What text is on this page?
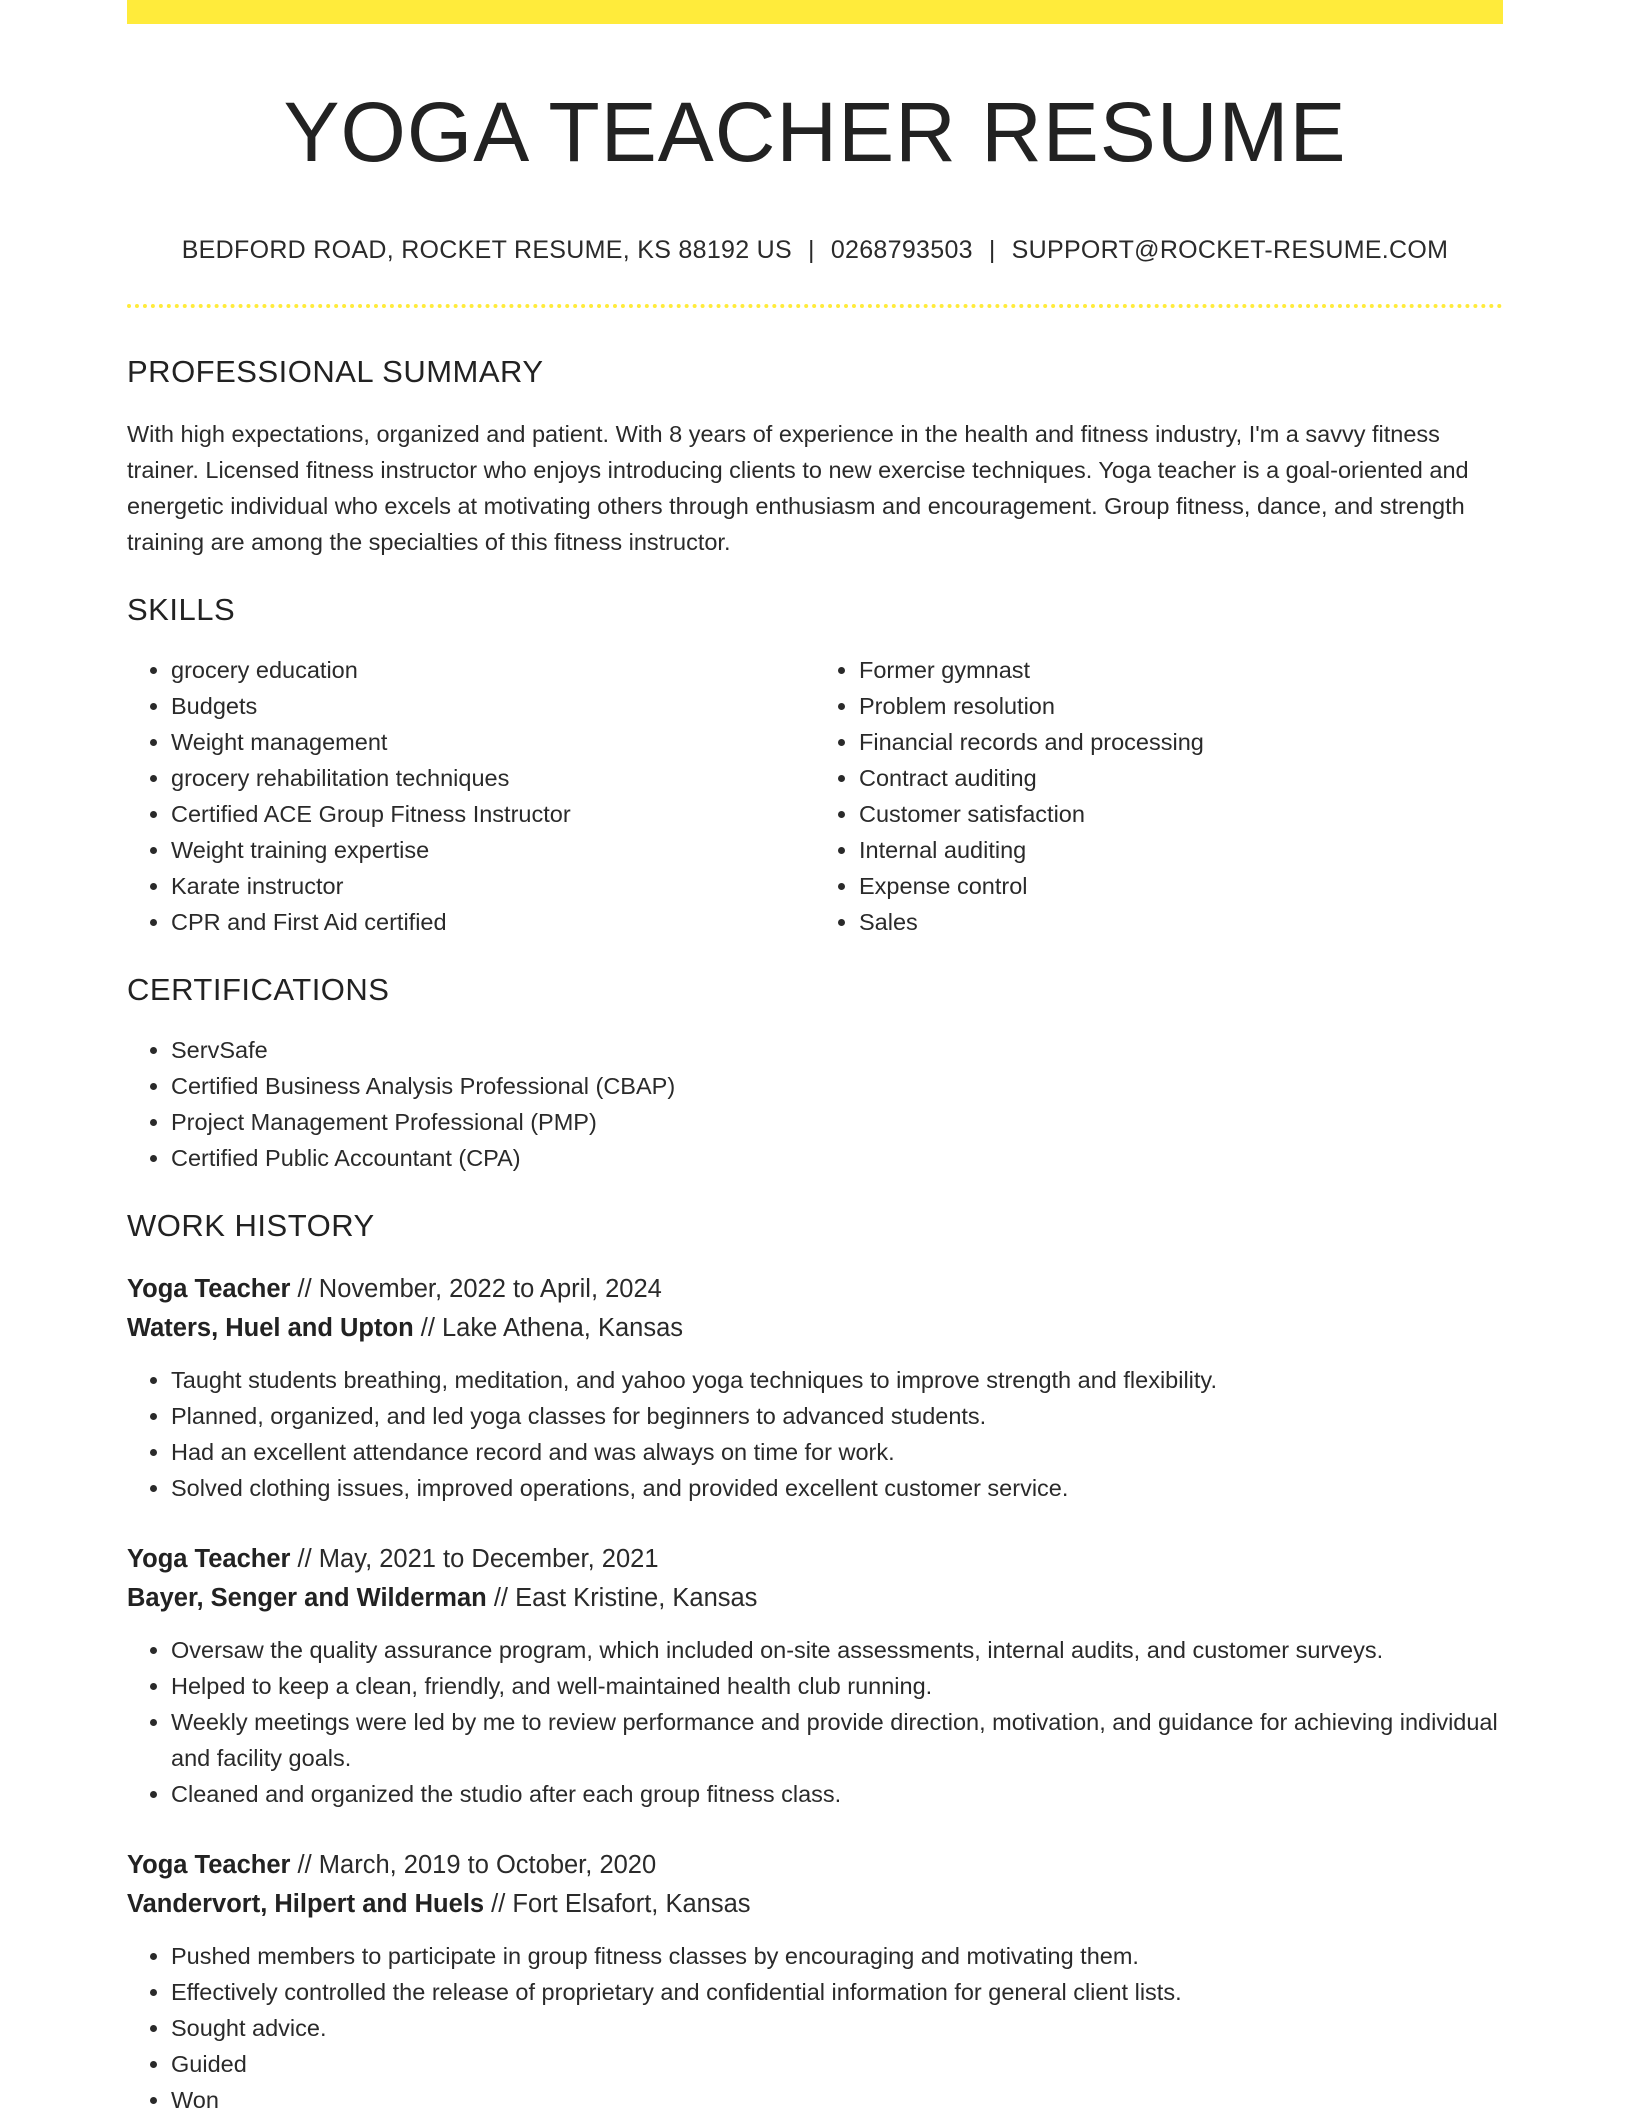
YOGA TEACHER RESUME
BEDFORD ROAD, ROCKET RESUME, KS 88192 US | 0268793503 | SUPPORT@ROCKET-RESUME.COM
PROFESSIONAL SUMMARY

With high expectations, organized and patient. With 8 years of experience in the health and fitness industry, I'm a savvy fitness trainer. Licensed fitness instructor who enjoys introducing clients to new exercise techniques. Yoga teacher is a goal-oriented and energetic individual who excels at motivating others through enthusiasm and encouragement. Group fitness, dance, and strength training are among the specialties of this fitness instructor.

SKILLS
• grocery education
• Budgets
• Weight management
• grocery rehabilitation techniques
• Certified ACE Group Fitness Instructor
• Weight training expertise
• Karate instructor
• CPR and First Aid certified
• Former gymnast
• Problem resolution
• Financial records and processing
• Contract auditing
• Customer satisfaction
• Internal auditing
• Expense control
• Sales
CERTIFICATIONS
• ServSafe
• Certified Business Analysis Professional (CBAP)
• Project Management Professional (PMP)
• Certified Public Accountant (CPA)
WORK HISTORY
Yoga Teacher // November, 2022 to April, 2024
Waters, Huel and Upton // Lake Athena, Kansas
• Taught students breathing, meditation, and yahoo yoga techniques to improve strength and flexibility.
• Planned, organized, and led yoga classes for beginners to advanced students.
• Had an excellent attendance record and was always on time for work.
• Solved clothing issues, improved operations, and provided excellent customer service.
Yoga Teacher // May, 2021 to December, 2021
Bayer, Senger and Wilderman // East Kristine, Kansas
• Oversaw the quality assurance program, which included on-site assessments, internal audits, and customer surveys.
• Helped to keep a clean, friendly, and well-maintained health club running.
• Weekly meetings were led by me to review performance and provide direction, motivation, and guidance for achieving individual and facility goals.
• Cleaned and organized the studio after each group fitness class.
Yoga Teacher // March, 2019 to October, 2020
Vandervort, Hilpert and Huels // Fort Elsafort, Kansas
• Pushed members to participate in group fitness classes by encouraging and motivating them.
• Effectively controlled the release of proprietary and confidential information for general client lists.
• Sought advice.
• Guided
• Won
